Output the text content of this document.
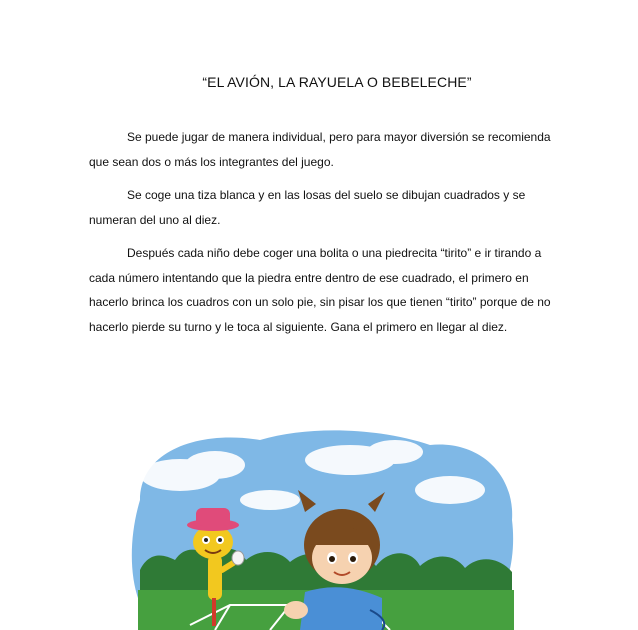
“EL AVIÓN, LA RAYUELA O BEBELECHE”

Se puede jugar de manera individual, pero para mayor diversión se recomienda que sean dos o más los integrantes del juego.

Se coge una tiza blanca y en las losas del suelo se dibujan cuadrados y se numeran del uno al diez.

Después cada niño debe coger una bolita o una piedrecita “tirito” e ir tirando a cada número intentando que la piedra entre dentro de ese cuadrado, el primero en hacerlo brinca los cuadros con un solo pie, sin pisar los que tienen “tirito” porque de no hacerlo pierde su turno y le toca al siguiente. Gana el primero en llegar al diez.
